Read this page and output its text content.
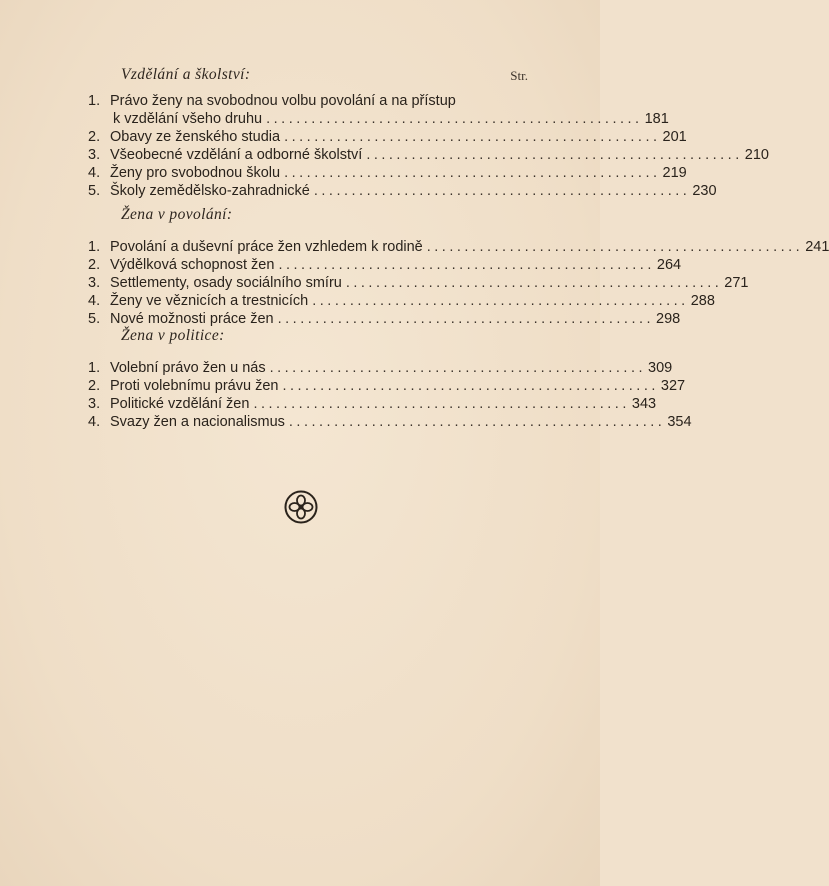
Str.
Vzdělání a školství:
1. Právo ženy na svobodnou volbu povolání a na přístup
k vzdělání všeho druhu .................................................. 181
2. Obavy ze ženského studia .................................................. 201
3. Všeobecné vzdělání a odborné školství .................................................. 210
4. Ženy pro svobodnou školu .................................................. 219
5. Školy zemědělsko-zahradnické .................................................. 230
Žena v povolání:
1. Povolání a duševní práce žen vzhledem k rodině .................................................. 241
2. Výdělková schopnost žen .................................................. 264
3. Settlementy, osady sociálního smíru .................................................. 271
4. Ženy ve věznicích a trestnicích .................................................. 288
5. Nové možnosti práce žen .................................................. 298
Žena v politice:
1. Volební právo žen u nás .................................................. 309
2. Proti volebnímu právu žen .................................................. 327
3. Politické vzdělání žen .................................................. 343
4. Svazy žen a nacionalismus .................................................. 354
